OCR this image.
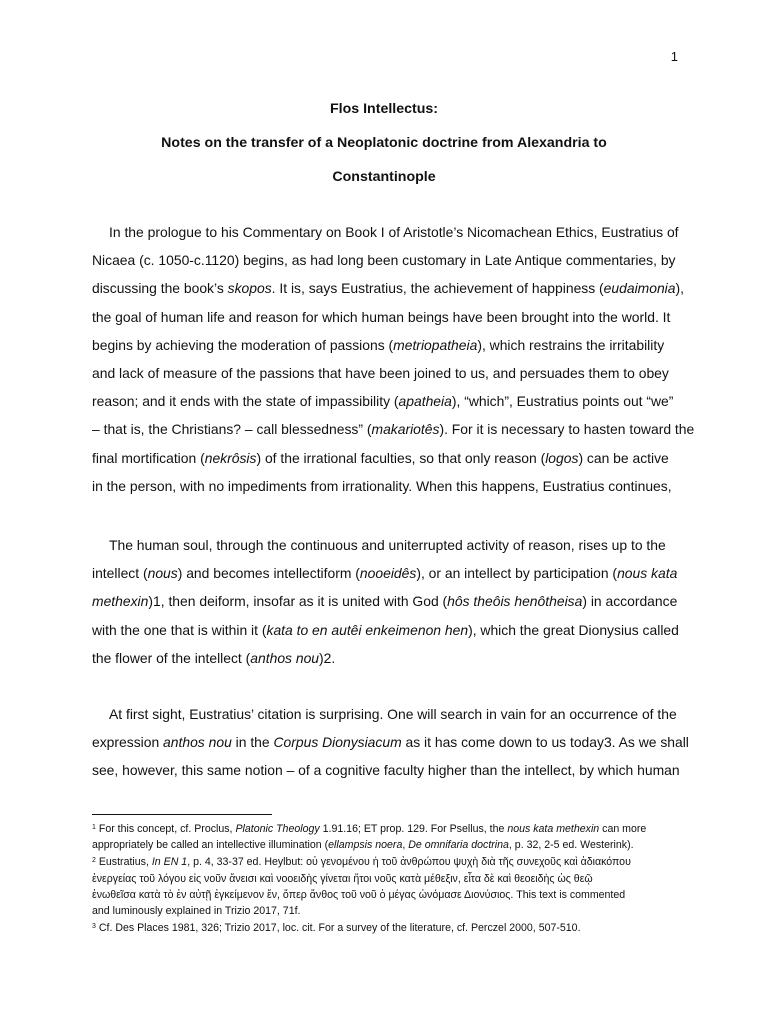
1
Flos Intellectus:
Notes on the transfer of a Neoplatonic doctrine from Alexandria to
Constantinople
In the prologue to his Commentary on Book I of Aristotle’s Nicomachean Ethics, Eustratius of
Nicaea (c. 1050-c.1120) begins, as had long been customary in Late Antique commentaries, by
discussing the book’s skopos. It is, says Eustratius, the achievement of happiness (eudaimonia),
the goal of human life and reason for which human beings have been brought into the world. It
begins by achieving the moderation of passions (metriopatheia), which restrains the irritability
and lack of measure of the passions that have been joined to us, and persuades them to obey
reason; and it ends with the state of impassibility (apatheia), “which”, Eustratius points out “we”
– that is, the Christians? – call blessedness” (makariotês). For it is necessary to hasten toward the
final mortification (nekrôsis) of the irrational faculties, so that only reason (logos) can be active
in the person, with no impediments from irrationality. When this happens, Eustratius continues,
The human soul, through the continuous and uniterrupted activity of reason, rises up to the
intellect (nous) and becomes intellectiform (nooeidês), or an intellect by participation (nous kata
methexin)1, then deiform, insofar as it is united with God (hôs theôis henôtheisa) in accordance
with the one that is within it (kata to en autêi enkeimenon hen), which the great Dionysius called
the flower of the intellect (anthos nou)2.
At first sight, Eustratius’ citation is surprising. One will search in vain for an occurrence of the
expression anthos nou in the Corpus Dionysiacum as it has come down to us today3. As we shall
see, however, this same notion – of a cognitive faculty higher than the intellect, by which human
$^1$ For this concept, cf. Proclus, Platonic Theology 1.91.16; ET prop. 129. For Psellus, the nous kata methexin can more
appropriately be called an intellective illumination (ellampsis noera, De omnifaria doctrina, p. 32, 2-5 ed. Westerink).
$^2$ Eustratius, In EN 1, p. 4, 33-37 ed. Heylbut: οὐ γενομένου ἡ τοῦ ἀνθρώπου ψυχὴ διὰ τῆς συνεχοῦς καὶ ἀδιακόπου
ἐνεργείας τοῦ λόγου εἰς νοῦν ἄνεισι καὶ νοοειδὴς γίνεται ἤτοι νοῦς κατὰ μέθεξιν, εἶτα δὲ καὶ θεοειδὴς ὡς θεῷ
ἑνωθεῖσα κατὰ τὸ ἐν αὐτῇ ἐγκείμενον ἕν, ὅπερ ἄνθος τοῦ νοῦ ὁ μέγας ὠνόμασε Διονύσιος. This text is commented
and luminously explained in Trizio 2017, 71f.
$^3$ Cf. Des Places 1981, 326; Trizio 2017, loc. cit. For a survey of the literature, cf. Perczel 2000, 507-510.
